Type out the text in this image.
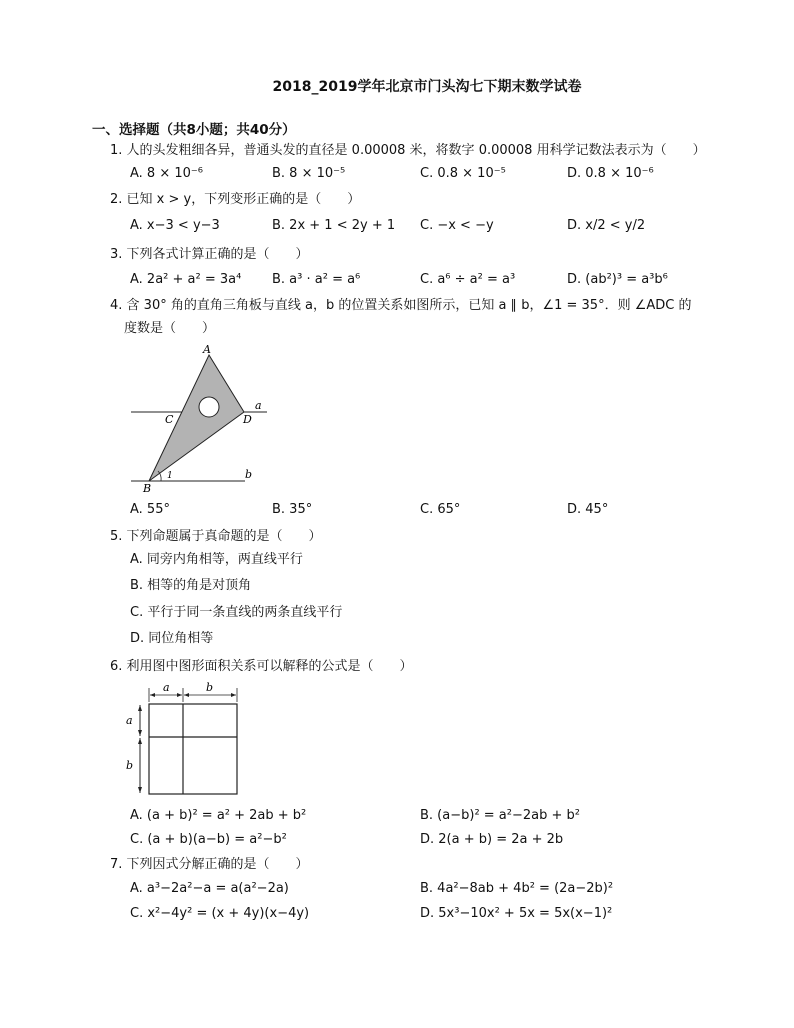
2018_2019学年北京市门头沟七下期末数学试卷
一、选择题（共8小题；共40分）
1. 人的头发粗细各异，普通头发的直径是 0.00008 米，将数字 0.00008 用科学记数法表示为（　　）
A. 8 × 10⁻⁶	B. 8 × 10⁻⁵	C. 0.8 × 10⁻⁵	D. 0.8 × 10⁻⁶
2. 已知 x > y，下列变形正确的是（　　）
A. x−3 < y−3	B. 2x + 1 < 2y + 1 C. −x < −y	D. x/2 < y/2
3. 下列各式计算正确的是（　　）
A. 2a² + a² = 3a⁴ B. a³ · a² = a⁶	C. a⁶ ÷ a² = a³	D. (ab²)³ = a³b⁶
4. 含 30° 角的直角三角板与直线 a，b 的位置关系如图所示，已知 a ∥ b，∠1 = 35°．则 ∠ADC 的
度数是（　　）
A
C	D
B
a
b
1
A. 55°	B. 35°	C. 65°	D. 45°
5. 下列命题属于真命题的是（　　）
A. 同旁内角相等，两直线平行
B. 相等的角是对顶角
C. 平行于同一条直线的两条直线平行
D. 同位角相等
6. 利用图中图形面积关系可以解释的公式是（　　）
a	b
a
b
A. (a + b)² = a² + 2ab + b²	B. (a−b)² = a²−2ab + b²
C. (a + b)(a−b) = a²−b²	D. 2(a + b) = 2a + 2b
7. 下列因式分解正确的是（　　）
A. a³−2a²−a = a(a²−2a)	B. 4a²−8ab + 4b² = (2a−2b)²
C. x²−4y² = (x + 4y)(x−4y)	D. 5x³−10x² + 5x = 5x(x−1)²
